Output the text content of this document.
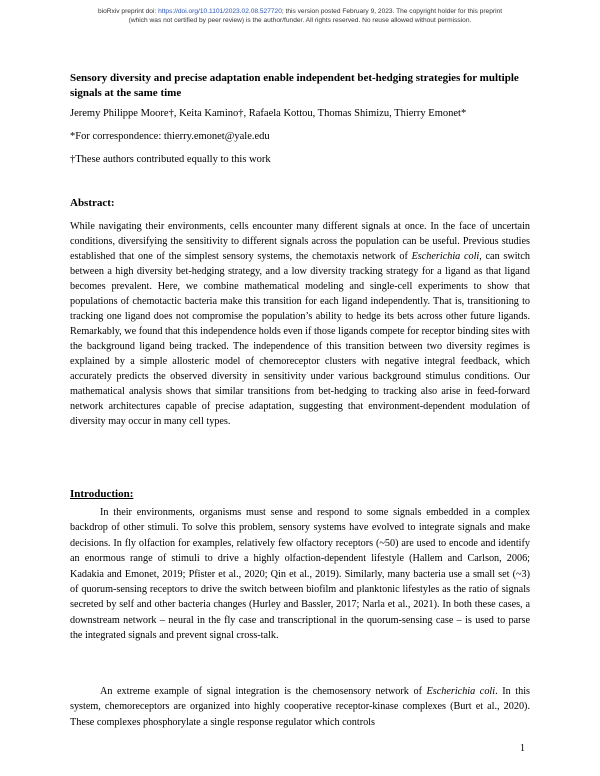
bioRxiv preprint doi: https://doi.org/10.1101/2023.02.08.527720; this version posted February 9, 2023. The copyright holder for this preprint
(which was not certified by peer review) is the author/funder. All rights reserved. No reuse allowed without permission.
Sensory diversity and precise adaptation enable independent bet-hedging strategies for multiple signals at the same time
Jeremy Philippe Moore†, Keita Kamino†, Rafaela Kottou, Thomas Shimizu, Thierry Emonet*
*For correspondence: thierry.emonet@yale.edu
†These authors contributed equally to this work
Abstract:

While navigating their environments, cells encounter many different signals at once. In the face of uncertain conditions, diversifying the sensitivity to different signals across the population can be useful. Previous studies established that one of the simplest sensory systems, the chemotaxis network of Escherichia coli, can switch between a high diversity bet-hedging strategy, and a low diversity tracking strategy for a ligand as that ligand becomes prevalent. Here, we combine mathematical modeling and single-cell experiments to show that populations of chemotactic bacteria make this transition for each ligand independently. That is, transitioning to tracking one ligand does not compromise the population’s ability to hedge its bets across other future ligands. Remarkably, we found that this independence holds even if those ligands compete for receptor binding sites with the background ligand being tracked. The independence of this transition between two diversity regimes is explained by a simple allosteric model of chemoreceptor clusters with negative integral feedback, which accurately predicts the observed diversity in sensitivity under various background stimulus conditions. Our mathematical analysis shows that similar transitions from bet-hedging to tracking also arise in feed-forward network architectures capable of precise adaptation, suggesting that environment-dependent modulation of diversity may occur in many cell types.

Introduction:

In their environments, organisms must sense and respond to some signals embedded in a complex backdrop of other stimuli. To solve this problem, sensory systems have evolved to integrate signals and make decisions. In fly olfaction for examples, relatively few olfactory receptors (~50) are used to encode and identify an enormous range of stimuli to drive a highly olfaction-dependent lifestyle (Hallem and Carlson, 2006; Kadakia and Emonet, 2019; Pfister et al., 2020; Qin et al., 2019). Similarly, many bacteria use a small set (~3) of quorum-sensing receptors to drive the switch between biofilm and planktonic lifestyles as the ratio of signals secreted by self and other bacteria changes (Hurley and Bassler, 2017; Narla et al., 2021). In both these cases, a downstream network – neural in the fly case and transcriptional in the quorum-sensing case – is used to parse the integrated signals and prevent signal cross-talk.

An extreme example of signal integration is the chemosensory network of Escherichia coli. In this system, chemoreceptors are organized into highly cooperative receptor-kinase complexes (Burt et al., 2020). These complexes phosphorylate a single response regulator which controls

1
